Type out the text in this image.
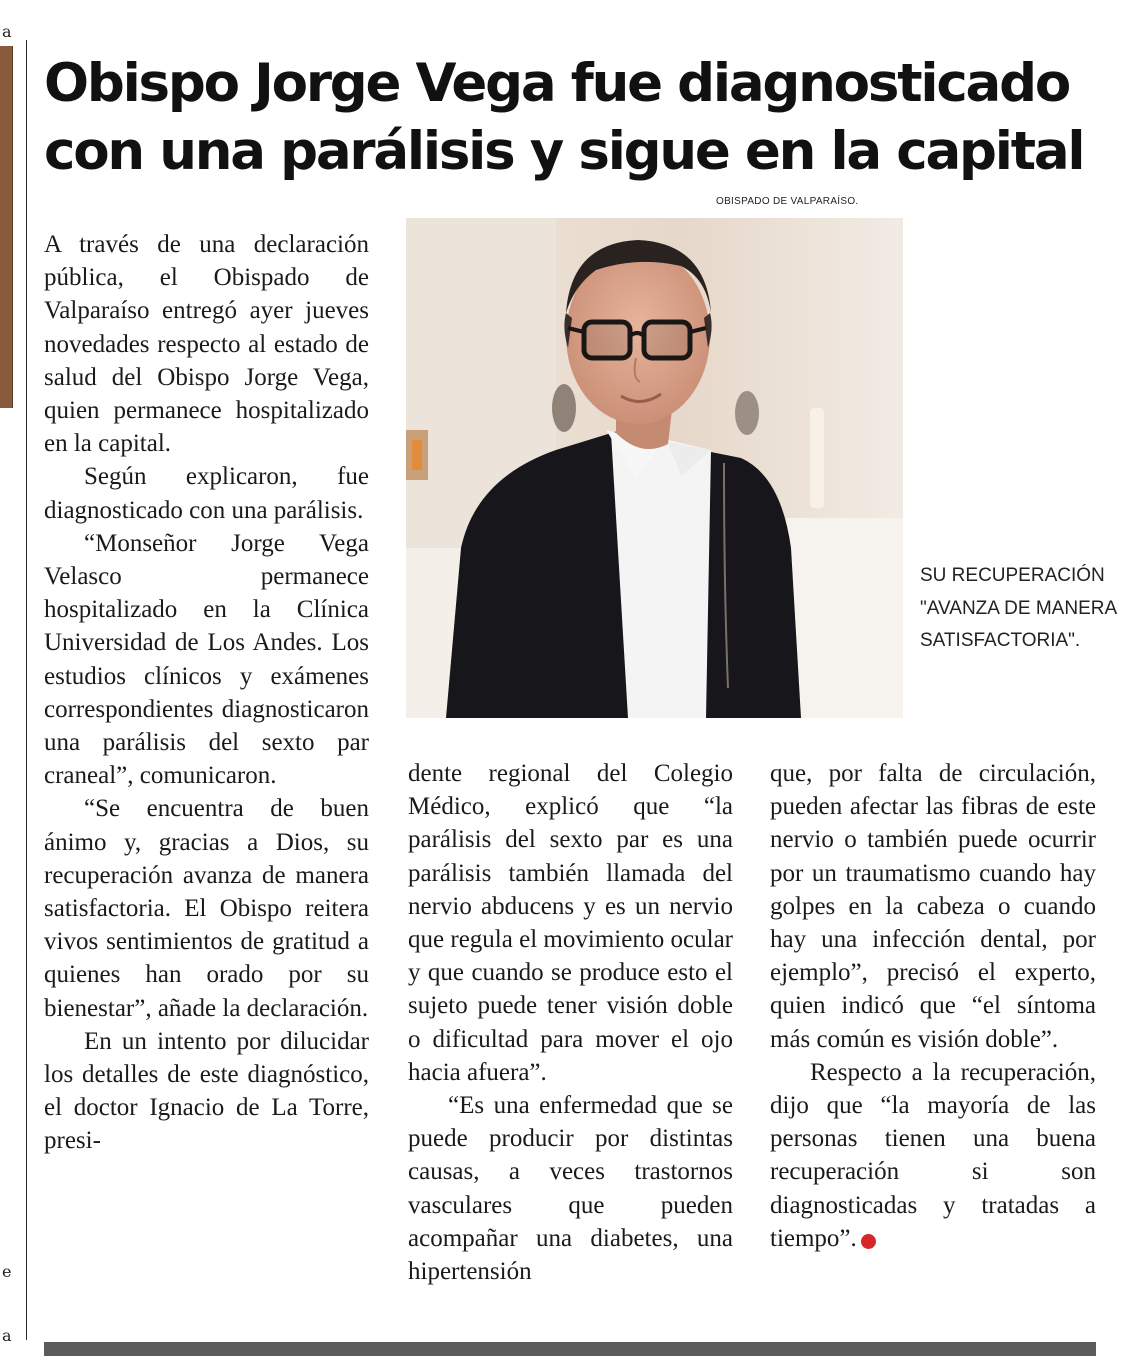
a
e
a
Obispo Jorge Vega fue diagnosticado con una parálisis y sigue en la capital
OBISPADO DE VALPARAÍSO.
SU RECUPERACIÓN "AVANZA DE MANERA SATISFACTORIA".

A través de una declaración pública, el Obispado de Valparaíso entregó ayer jueves novedades respecto al estado de salud del Obispo Jorge Vega, quien permanece hospitalizado en la capital.

Según explicaron, fue diagnosticado con una parálisis.

“Monseñor Jorge Vega Velasco permanece hospitalizado en la Clínica Universidad de Los Andes. Los estudios clínicos y exámenes correspondientes diagnosticaron una parálisis del sexto par craneal”, comunicaron.

“Se encuentra de buen ánimo y, gracias a Dios, su recuperación avanza de manera satisfactoria. El Obispo reitera vivos sentimientos de gratitud a quienes han orado por su bienestar”, añade la declaración.

En un intento por dilucidar los detalles de este diagnóstico, el doctor Ignacio de La Torre, presi-

dente regional del Colegio Médico, explicó que “la parálisis del sexto par es una parálisis también llamada del nervio abducens y es un nervio que regula el movimiento ocular y que cuando se produce esto el sujeto puede tener visión doble o dificultad para mover el ojo hacia afuera”.

“Es una enfermedad que se puede producir por distintas causas, a veces trastornos vasculares que pueden acompañar una diabetes, una hipertensión

que, por falta de circulación, pueden afectar las fibras de este nervio o también puede ocurrir por un traumatismo cuando hay golpes en la cabeza o cuando hay una infección dental, por ejemplo”, precisó el experto, quien indicó que “el síntoma más común es visión doble”.

Respecto a la recuperación, dijo que “la mayoría de las personas tienen una buena recuperación si son diagnosticadas y tratadas a tiempo”.	✪
